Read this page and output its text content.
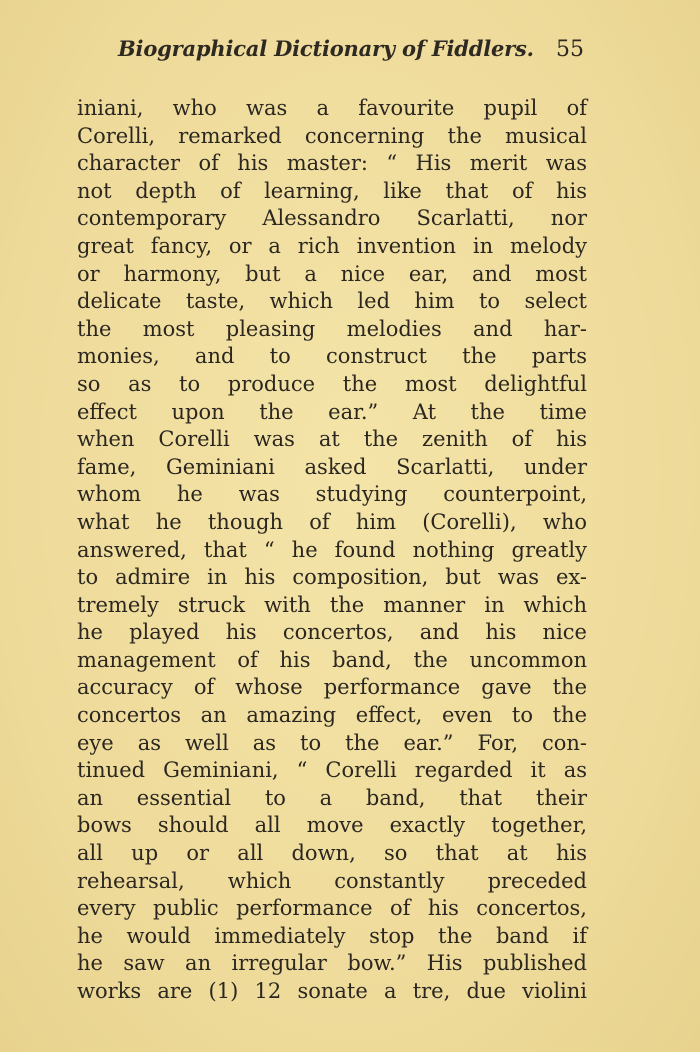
Biographical Dictionary of Fiddlers. 55
iniani, who was a favourite pupil of
Corelli, remarked concerning the musical
character of his master: “ His merit was
not depth of learning, like that of his
contemporary Alessandro Scarlatti, nor
great fancy, or a rich invention in melody
or harmony, but a nice ear, and most
delicate taste, which led him to select
the most pleasing melodies and har-
monies, and to construct the parts
so as to produce the most delightful
effect upon the ear.” At the time
when Corelli was at the zenith of his
fame, Geminiani asked Scarlatti, under
whom he was studying counterpoint,
what he though of him (Corelli), who
answered, that “ he found nothing greatly
to admire in his composition, but was ex-
tremely struck with the manner in which
he played his concertos, and his nice
management of his band, the uncommon
accuracy of whose performance gave the
concertos an amazing effect, even to the
eye as well as to the ear.” For, con-
tinued Geminiani, “ Corelli regarded it as
an essential to a band, that their
bows should all move exactly together,
all up or all down, so that at his
rehearsal, which constantly preceded
every public performance of his concertos,
he would immediately stop the band if
he saw an irregular bow.” His published
works are (1) 12 sonate a tre, due violini
